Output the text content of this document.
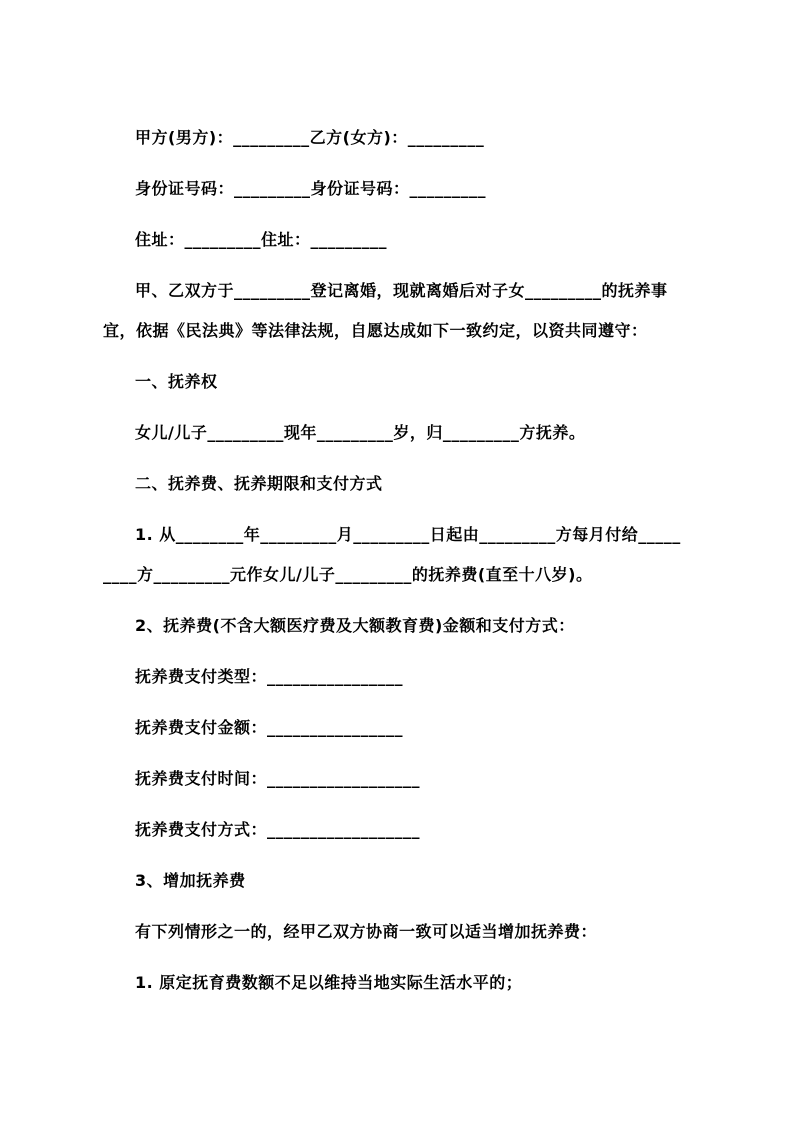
甲方(男方)：_________乙方(女方)：_________

身份证号码：_________身份证号码：_________

住址：_________住址：_________

甲、乙双方于_________登记离婚，现就离婚后对子女_________的抚养事宜，依据《民法典》等法律法规，自愿达成如下一致约定，以资共同遵守：

一、抚养权

女儿/儿子_________现年_________岁，归_________方抚养。

二、抚养费、抚养期限和支付方式

1. 从________年_________月_________日起由_________方每月付给_________方_________元作女儿/儿子_________的抚养费(直至十八岁)。

2、抚养费(不含大额医疗费及大额教育费)金额和支付方式：

抚养费支付类型：________________

抚养费支付金额：________________

抚养费支付时间：__________________

抚养费支付方式：__________________

3、增加抚养费

有下列情形之一的，经甲乙双方协商一致可以适当增加抚养费：

1. 原定抚育费数额不足以维持当地实际生活水平的；
